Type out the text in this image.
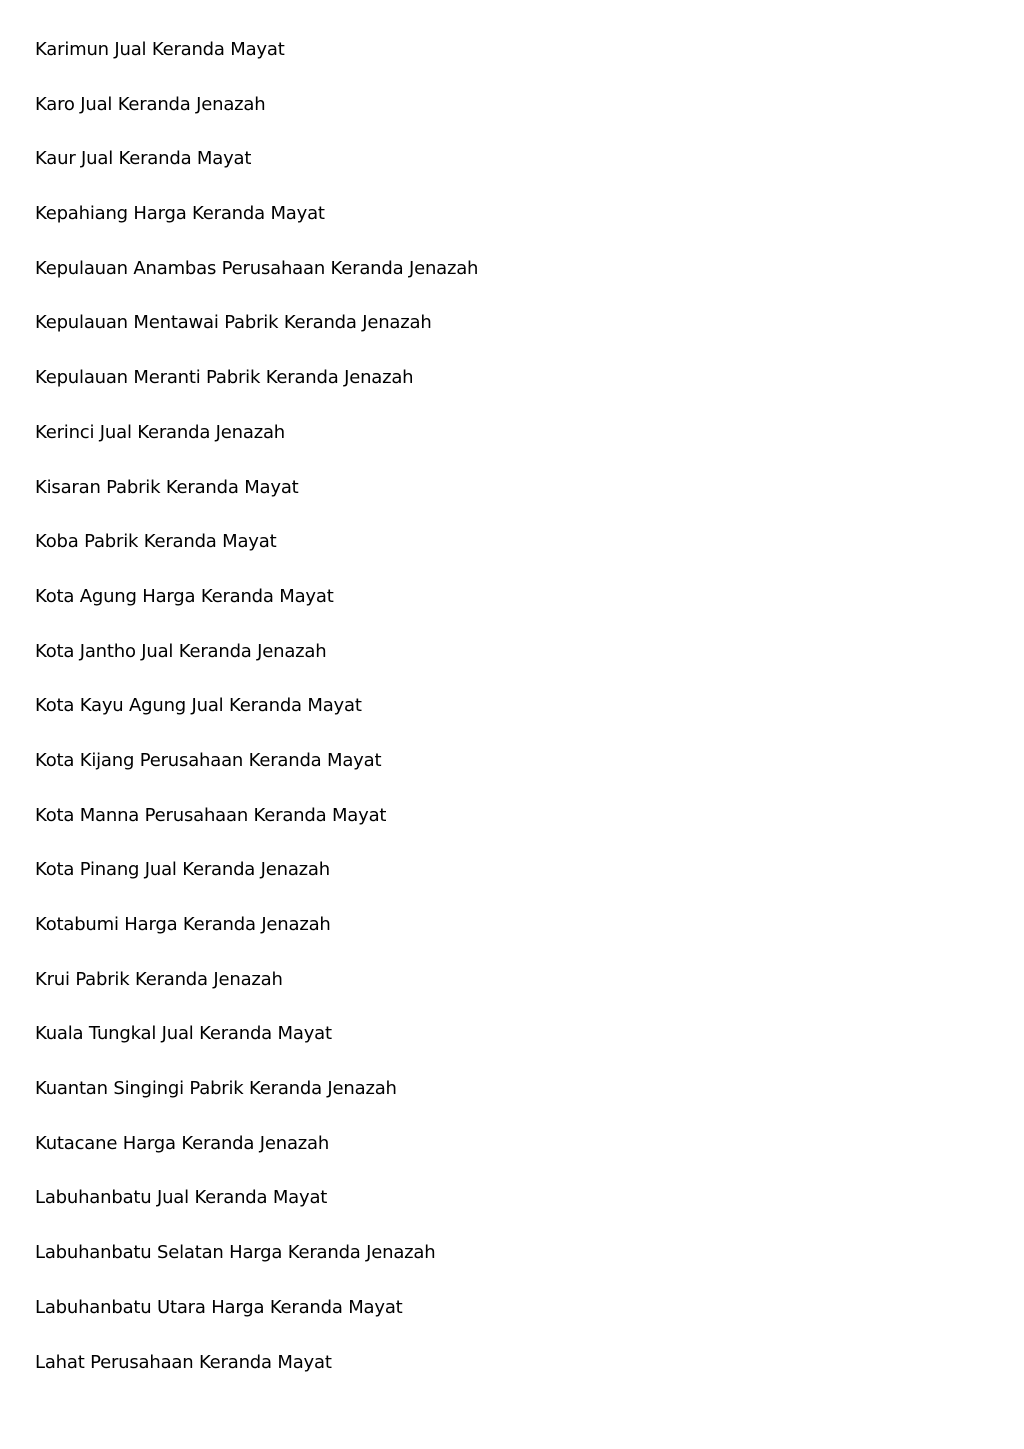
Karimun Jual Keranda Mayat
Karo Jual Keranda Jenazah
Kaur Jual Keranda Mayat
Kepahiang Harga Keranda Mayat
Kepulauan Anambas Perusahaan Keranda Jenazah
Kepulauan Mentawai Pabrik Keranda Jenazah
Kepulauan Meranti Pabrik Keranda Jenazah
Kerinci Jual Keranda Jenazah
Kisaran Pabrik Keranda Mayat
Koba Pabrik Keranda Mayat
Kota Agung Harga Keranda Mayat
Kota Jantho Jual Keranda Jenazah
Kota Kayu Agung Jual Keranda Mayat
Kota Kijang Perusahaan Keranda Mayat
Kota Manna Perusahaan Keranda Mayat
Kota Pinang Jual Keranda Jenazah
Kotabumi Harga Keranda Jenazah
Krui Pabrik Keranda Jenazah
Kuala Tungkal Jual Keranda Mayat
Kuantan Singingi Pabrik Keranda Jenazah
Kutacane Harga Keranda Jenazah
Labuhanbatu Jual Keranda Mayat
Labuhanbatu Selatan Harga Keranda Jenazah
Labuhanbatu Utara Harga Keranda Mayat
Lahat Perusahaan Keranda Mayat
